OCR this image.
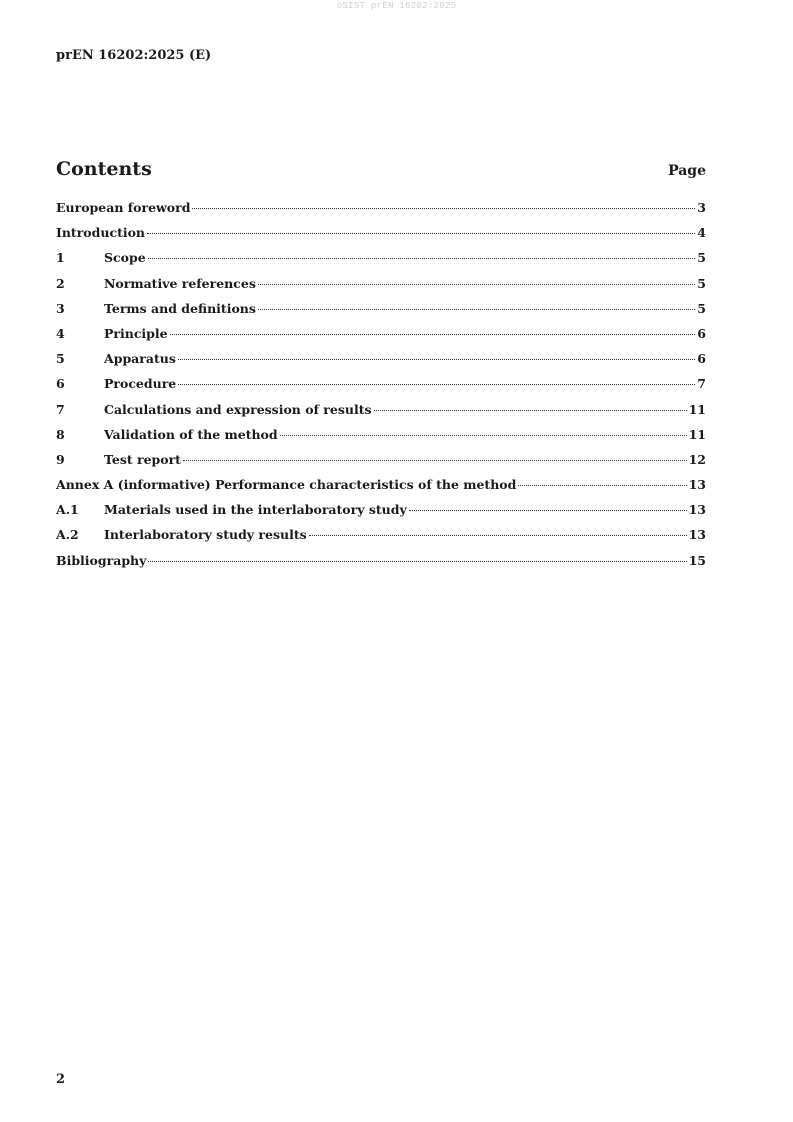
oSIST prEN 16202:2025
prEN 16202:2025 (E)
Contents	Page
European foreword	3
Introduction	4
1	Scope	5
2	Normative references	5
3	Terms and definitions	5
4	Principle	6
5	Apparatus	6
6	Procedure	7
7	Calculations and expression of results	11
8	Validation of the method	11
9	Test report	12
Annex A (informative) Performance characteristics of the method	13
A.1	Materials used in the interlaboratory study	13
A.2	Interlaboratory study results	13
Bibliography	15
2
